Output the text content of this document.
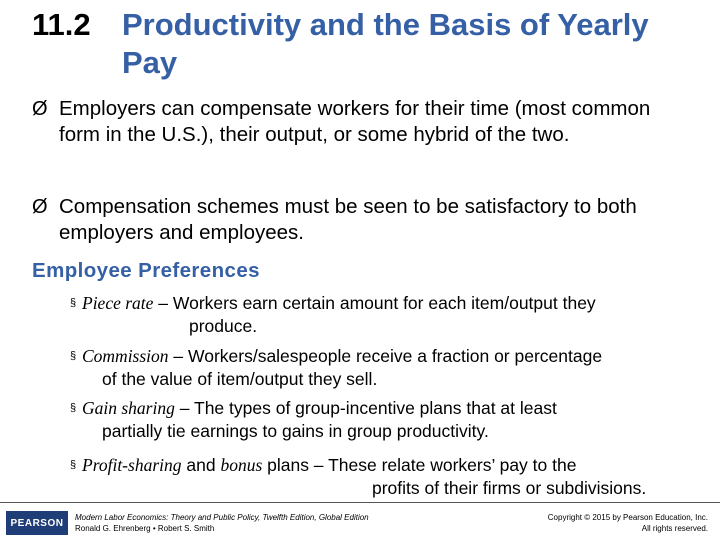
11.2 Productivity and the Basis of Yearly Pay
Ø Employers can compensate workers for their time (most common form in the U.S.), their output, or some hybrid of the two.
Ø Compensation schemes must be seen to be satisfactory to both employers and employees.
Employee Preferences
§ Piece rate – Workers earn certain amount for each item/output they
produce.
§ Commission – Workers/salespeople receive a fraction or percentage
of the value of item/output they sell.
§ Gain sharing – The types of group-incentive plans that at least
partially tie earnings to gains in group productivity.
§ Profit-sharing and bonus plans – These relate workers’ pay to the
profits of their firms or subdivisions.
PEARSON	Modern Labor Economics: Theory and Public Policy, Twelfth Edition, Global Edition
Ronald G. Ehrenberg • Robert S. Smith
Copyright © 2015 by Pearson Education, Inc.
All rights reserved.
